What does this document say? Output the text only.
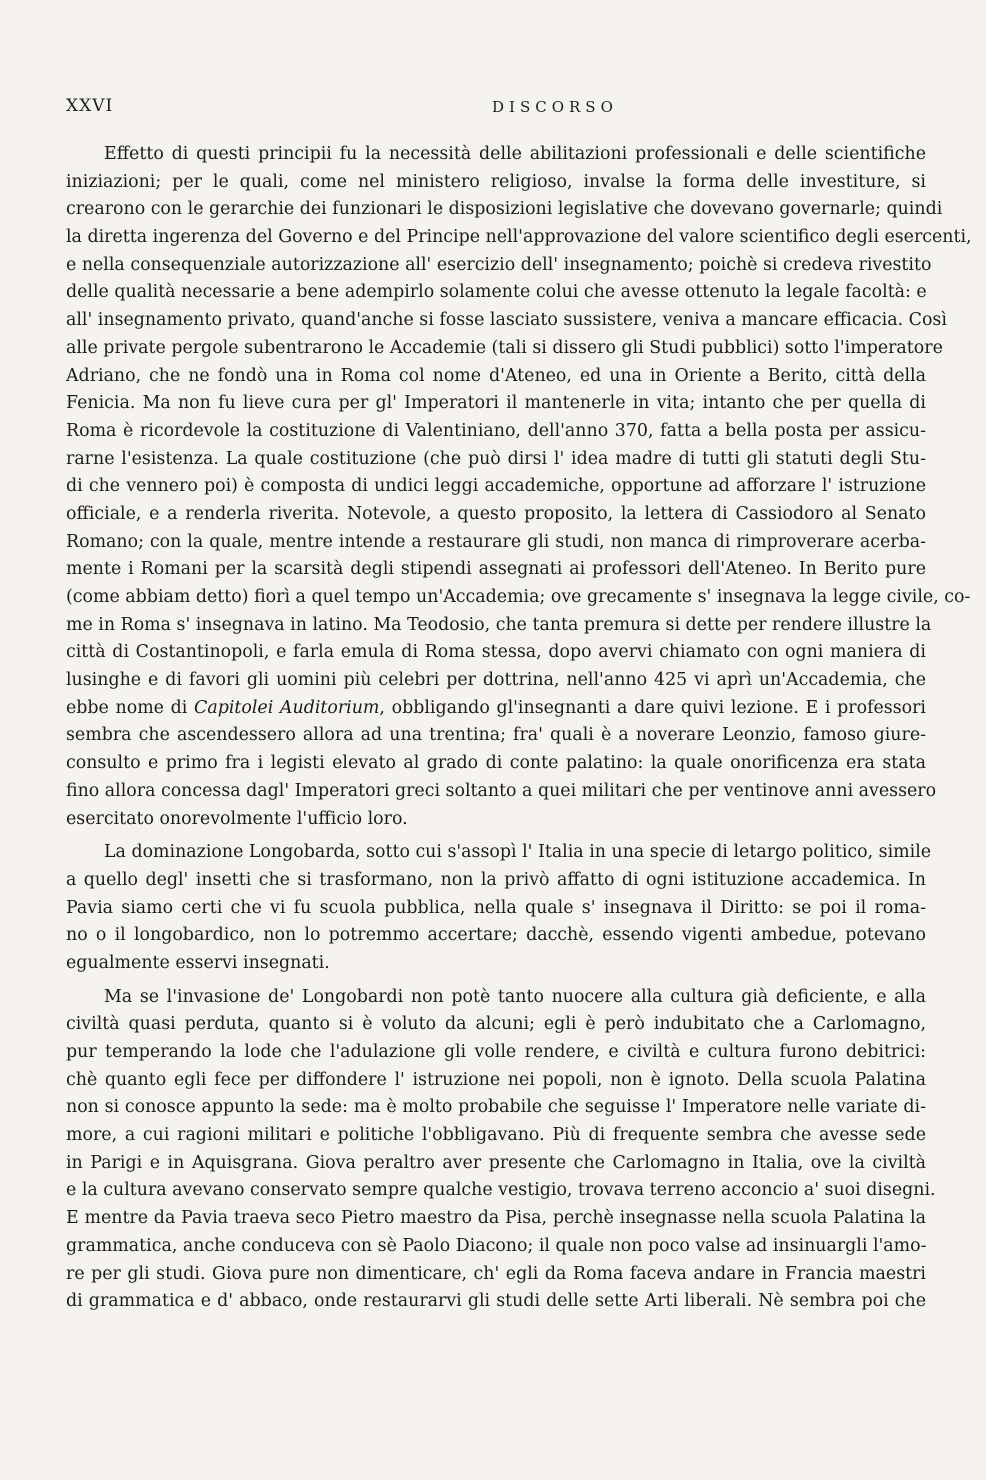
XXVI	DISCORSO
Effetto di questi principii fu la necessità delle abilitazioni professionali e delle scientifiche
iniziazioni; per le quali, come nel ministero religioso, invalse la forma delle investiture, si
crearono con le gerarchie dei funzionari le disposizioni legislative che dovevano governarle; quindi
la diretta ingerenza del Governo e del Principe nell'approvazione del valore scientifico degli esercenti,
e nella consequenziale autorizzazione all' esercizio dell' insegnamento; poichè si credeva rivestito
delle qualità necessarie a bene adempirlo solamente colui che avesse ottenuto la legale facoltà: e
all' insegnamento privato, quand'anche si fosse lasciato sussistere, veniva a mancare efficacia. Così
alle private pergole subentrarono le Accademie (tali si dissero gli Studi pubblici) sotto l'imperatore
Adriano, che ne fondò una in Roma col nome d'Ateneo, ed una in Oriente a Berito, città della
Fenicia. Ma non fu lieve cura per gl' Imperatori il mantenerle in vita; intanto che per quella di
Roma è ricordevole la costituzione di Valentiniano, dell'anno 370, fatta a bella posta per assicu-
rarne l'esistenza. La quale costituzione (che può dirsi l' idea madre di tutti gli statuti degli Stu-
di che vennero poi) è composta di undici leggi accademiche, opportune ad afforzare l' istruzione
officiale, e a renderla riverita. Notevole, a questo proposito, la lettera di Cassiodoro al Senato
Romano; con la quale, mentre intende a restaurare gli studi, non manca di rimproverare acerba-
mente i Romani per la scarsità degli stipendi assegnati ai professori dell'Ateneo. In Berito pure
(come abbiam detto) fiorì a quel tempo un'Accademia; ove grecamente s' insegnava la legge civile, co-
me in Roma s' insegnava in latino. Ma Teodosio, che tanta premura si dette per rendere illustre la
città di Costantinopoli, e farla emula di Roma stessa, dopo avervi chiamato con ogni maniera di
lusinghe e di favori gli uomini più celebri per dottrina, nell'anno 425 vi aprì un'Accademia, che
ebbe nome di Capitolei Auditorium, obbligando gl'insegnanti a dare quivi lezione. E i professori
sembra che ascendessero allora ad una trentina; fra' quali è a noverare Leonzio, famoso giure-
consulto e primo fra i legisti elevato al grado di conte palatino: la quale onorificenza era stata
fino allora concessa dagl' Imperatori greci soltanto a quei militari che per ventinove anni avessero
esercitato onorevolmente l'ufficio loro.
La dominazione Longobarda, sotto cui s'assopì l' Italia in una specie di letargo politico, simile
a quello degl' insetti che si trasformano, non la privò affatto di ogni istituzione accademica. In
Pavia siamo certi che vi fu scuola pubblica, nella quale s' insegnava il Diritto: se poi il roma-
no o il longobardico, non lo potremmo accertare; dacchè, essendo vigenti ambedue, potevano
egualmente esservi insegnati.
Ma se l'invasione de' Longobardi non potè tanto nuocere alla cultura già deficiente, e alla
civiltà quasi perduta, quanto si è voluto da alcuni; egli è però indubitato che a Carlomagno,
pur temperando la lode che l'adulazione gli volle rendere, e civiltà e cultura furono debitrici:
chè quanto egli fece per diffondere l' istruzione nei popoli, non è ignoto. Della scuola Palatina
non si conosce appunto la sede: ma è molto probabile che seguisse l' Imperatore nelle variate di-
more, a cui ragioni militari e politiche l'obbligavano. Più di frequente sembra che avesse sede
in Parigi e in Aquisgrana. Giova peraltro aver presente che Carlomagno in Italia, ove la civiltà
e la cultura avevano conservato sempre qualche vestigio, trovava terreno acconcio a' suoi disegni.
E mentre da Pavia traeva seco Pietro maestro da Pisa, perchè insegnasse nella scuola Palatina la
grammatica, anche conduceva con sè Paolo Diacono; il quale non poco valse ad insinuargli l'amo-
re per gli studi. Giova pure non dimenticare, ch' egli da Roma faceva andare in Francia maestri
di grammatica e d' abbaco, onde restaurarvi gli studi delle sette Arti liberali. Nè sembra poi che
